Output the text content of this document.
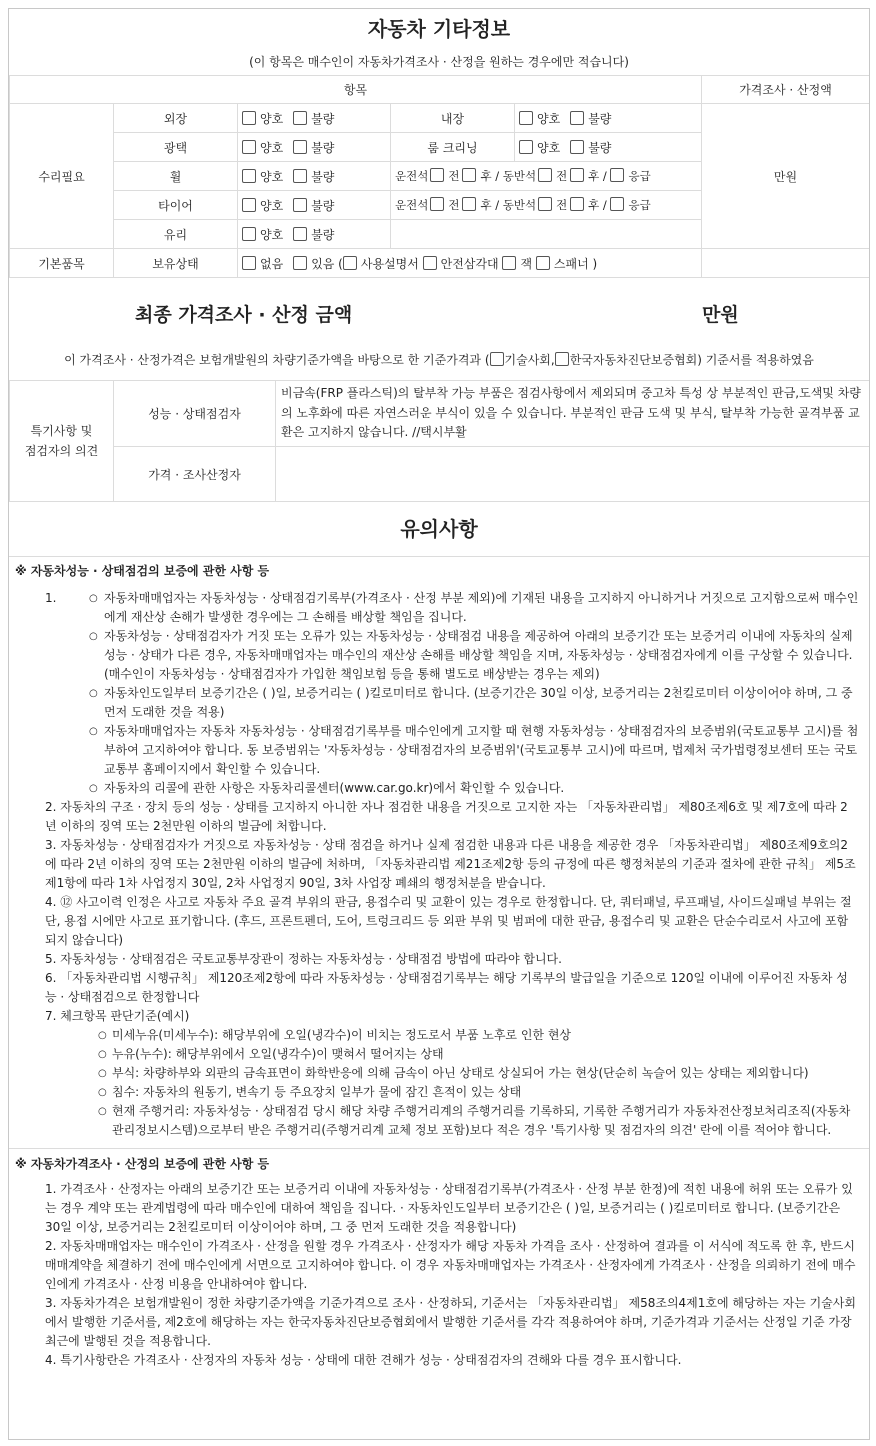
자동차 기타정보
(이 항목은 매수인이 자동차가격조사 · 산정을 원하는 경우에만 적습니다)
항목					가격조사 · 산정액
수리필요	외장	양호 불량	내장	양호 불량	만원
	광택	양호 불량	룸 크리닝	양호 불량	
	휠	양호 불량	운전석 전 후 / 동반석 전 후 / 응급		
	타이어	양호 불량	운전석 전 후 / 동반석 전 후 / 응급		
	유리	양호 불량			
기본품목	보유상태	없음 있음 ( 사용설명서 안전삼각대 잭 스패너 )			
최종 가격조사 · 산정 금액	만원
이 가격조사 · 산정가격은 보험개발원의 차량기준가액을 바탕으로 한 기준가격과 ( 기술사회, 한국자동차진단보증협회) 기준서를 적용하였음
특기사항 및
점검자의 의견	성능 · 상태점검자	비금속(FRP 플라스틱)의 탈부착 가능 부품은 점검사항에서 제외되며 중고차 특성 상 부분적인 판금,도색및 차량의 노후화에 따른 자연스러운 부식이 있을 수 있습니다. 부분적인 판금 도색 및 부식, 탈부착 가능한 골격부품 교환은 고지하지 않습니다. //택시부활
	가격 · 조사산정자	
유의사항
※ 자동차성능 · 상태점검의 보증에 관한 사항 등
1.	○ 자동차매매업자는 자동차성능 · 상태점검기록부(가격조사 · 산정 부분 제외)에 기재된 내용을 고지하지 아니하거나 거짓으로 고지함으로써 매수인에게 재산상 손해가 발생한 경우에는 그 손해를 배상할 책임을 집니다.
○ 자동차성능 · 상태점검자가 거짓 또는 오류가 있는 자동차성능 · 상태점검 내용을 제공하여 아래의 보증기간 또는 보증거리 이내에 자동차의 실제 성능 · 상태가 다른 경우, 자동차매매업자는 매수인의 재산상 손해를 배상할 책임을 지며, 자동차성능 · 상태점검자에게 이를 구상할 수 있습니다.(매수인이 자동차성능 · 상태점검자가 가입한 책임보험 등을 통해 별도로 배상받는 경우는 제외)
○ 자동차인도일부터 보증기간은 ( )일, 보증거리는 ( )킬로미터로 합니다. (보증기간은 30일 이상, 보증거리는 2천킬로미터 이상이어야 하며, 그 중 먼저 도래한 것을 적용)
○ 자동차매매업자는 자동차 자동차성능 · 상태점검기록부를 매수인에게 고지할 때 현행 자동차성능 · 상태점검자의 보증범위(국토교통부 고시)를 첨부하여 고지하여야 합니다. 동 보증범위는 '자동차성능 · 상태점검자의 보증범위'(국토교통부 고시)에 따르며, 법제처 국가법령정보센터 또는 국토교통부 홈페이지에서 확인할 수 있습니다.
○ 자동차의 리콜에 관한 사항은 자동차리콜센터(www.car.go.kr)에서 확인할 수 있습니다.
2. 자동차의 구조 · 장치 등의 성능 · 상태를 고지하지 아니한 자나 점검한 내용을 거짓으로 고지한 자는 「자동차관리법」 제80조제6호 및 제7호에 따라 2년 이하의 징역 또는 2천만원 이하의 벌금에 처합니다.
3. 자동차성능 · 상태점검자가 거짓으로 자동차성능 · 상태 점검을 하거나 실제 점검한 내용과 다른 내용을 제공한 경우 「자동차관리법」 제80조제9호의2에 따라 2년 이하의 징역 또는 2천만원 이하의 벌금에 처하며, 「자동차관리법 제21조제2항 등의 규정에 따른 행정처분의 기준과 절차에 관한 규칙」 제5조제1항에 따라 1차 사업정지 30일, 2차 사업정지 90일, 3차 사업장 폐쇄의 행정처분을 받습니다.
4. ⑫ 사고이력 인정은 사고로 자동차 주요 골격 부위의 판금, 용접수리 및 교환이 있는 경우로 한정합니다. 단, 쿼터패널, 루프패널, 사이드실패널 부위는 절단, 용접 시에만 사고로 표기합니다. (후드, 프론트펜더, 도어, 트렁크리드 등 외판 부위 및 범퍼에 대한 판금, 용접수리 및 교환은 단순수리로서 사고에 포함되지 않습니다)
5. 자동차성능 · 상태점검은 국토교통부장관이 정하는 자동차성능 · 상태점검 방법에 따라야 합니다.
6. 「자동차관리법 시행규칙」 제120조제2항에 따라 자동차성능 · 상태점검기록부는 해당 기록부의 발급일을 기준으로 120일 이내에 이루어진 자동차 성능 · 상태점검으로 한정합니다
7. 체크항목 판단기준(예시)
○ 미세누유(미세누수): 해당부위에 오일(냉각수)이 비치는 정도로서 부품 노후로 인한 현상
○ 누유(누수): 해당부위에서 오일(냉각수)이 맺혀서 떨어지는 상태
○ 부식: 차량하부와 외판의 금속표면이 화학반응에 의해 금속이 아닌 상태로 상실되어 가는 현상(단순히 녹슬어 있는 상태는 제외합니다)
○ 침수: 자동차의 원동기, 변속기 등 주요장치 일부가 물에 잠긴 흔적이 있는 상태
○ 현재 주행거리: 자동차성능 · 상태점검 당시 해당 차량 주행거리계의 주행거리를 기록하되, 기록한 주행거리가 자동차전산정보처리조직(자동차관리정보시스템)으로부터 받은 주행거리(주행거리계 교체 정보 포함)보다 적은 경우 '특기사항 및 점검자의 의견' 란에 이를 적어야 합니다.
※ 자동차가격조사 · 산정의 보증에 관한 사항 등
1. 가격조사 · 산정자는 아래의 보증기간 또는 보증거리 이내에 자동차성능 · 상태점검기록부(가격조사 · 산정 부분 한정)에 적힌 내용에 허위 또는 오류가 있는 경우 계약 또는 관계법령에 따라 매수인에 대하여 책임을 집니다. · 자동차인도일부터 보증기간은 ( )일, 보증거리는 ( )킬로미터로 합니다. (보증기간은 30일 이상, 보증거리는 2천킬로미터 이상이어야 하며, 그 중 먼저 도래한 것을 적용합니다)
2. 자동차매매업자는 매수인이 가격조사 · 산정을 원할 경우 가격조사 · 산정자가 해당 자동차 가격을 조사 · 산정하여 결과를 이 서식에 적도록 한 후, 반드시 매매계약을 체결하기 전에 매수인에게 서면으로 고지하여야 합니다. 이 경우 자동차매매업자는 가격조사 · 산정자에게 가격조사 · 산정을 의뢰하기 전에 매수인에게 가격조사 · 산정 비용을 안내하여야 합니다.
3. 자동차가격은 보험개발원이 정한 차량기준가액을 기준가격으로 조사 · 산정하되, 기준서는 「자동차관리법」 제58조의4제1호에 해당하는 자는 기술사회에서 발행한 기준서를, 제2호에 해당하는 자는 한국자동차진단보증협회에서 발행한 기준서를 각각 적용하여야 하며, 기준가격과 기준서는 산정일 기준 가장 최근에 발행된 것을 적용합니다.
4. 특기사항란은 가격조사 · 산정자의 자동차 성능 · 상태에 대한 견해가 성능 · 상태점검자의 견해와 다를 경우 표시합니다.
